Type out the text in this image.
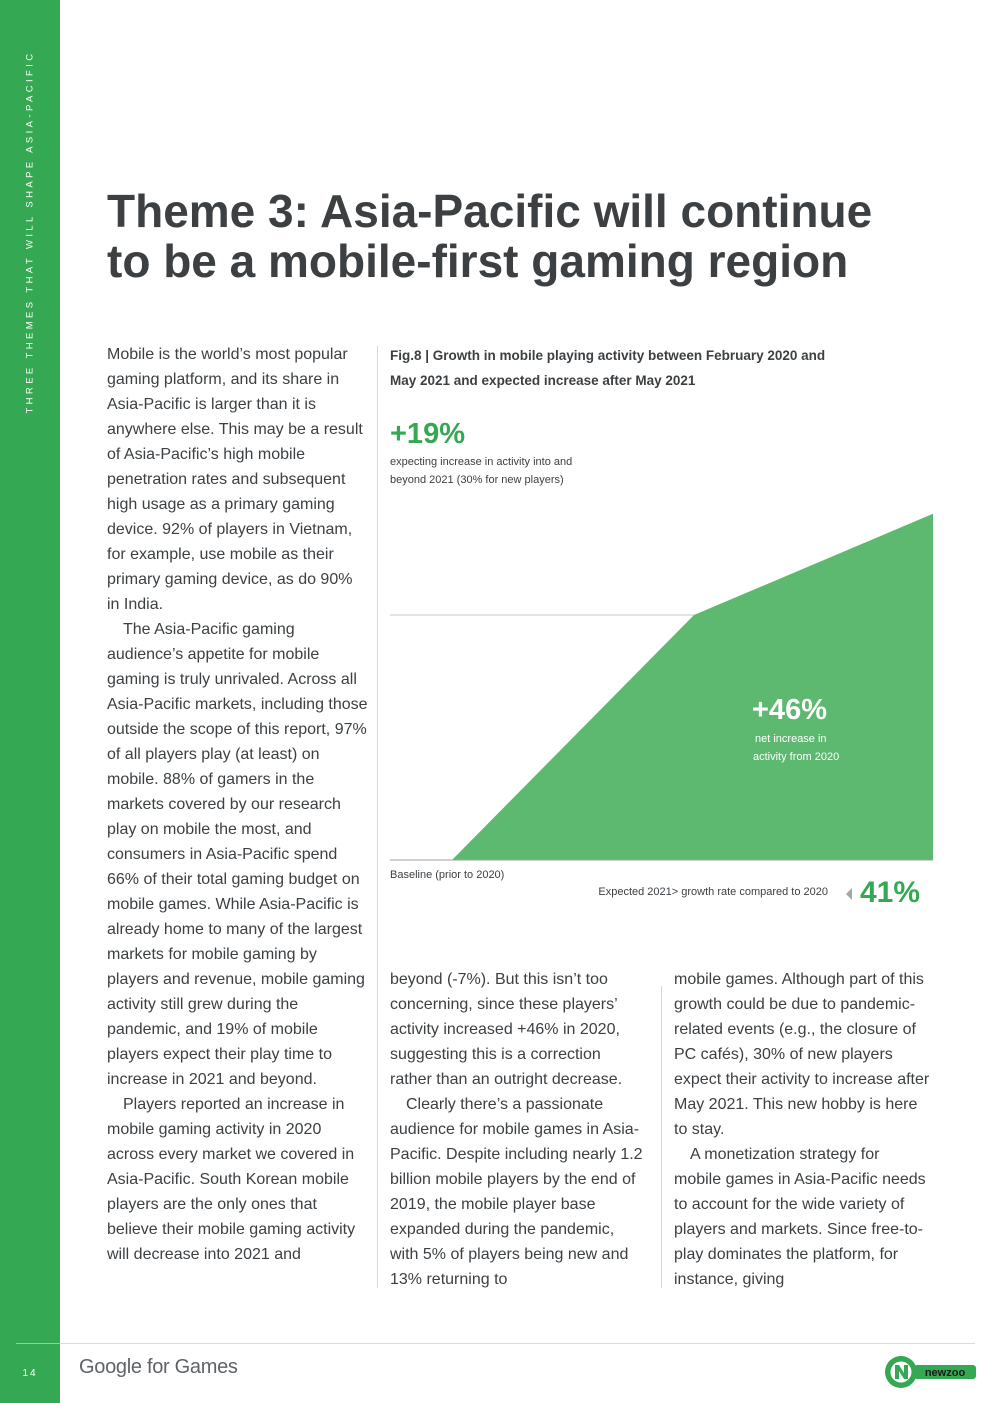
THREE THEMES THAT WILL SHAPE ASIA-PACIFIC
14
Theme 3: Asia-Pacific will continue
to be a mobile-first gaming region

Mobile is the world’s most popular gaming platform, and its share in Asia-Pacific is larger than it is anywhere else. This may be a result of Asia-Pacific’s high mobile penetration rates and subsequent high usage as a primary gaming device. 92% of players in Vietnam, for example, use mobile as their primary gaming device, as do 90% in India.

The Asia-Pacific gaming audience’s appetite for mobile gaming is truly unrivaled. Across all Asia-Pacific markets, including those outside the scope of this report, 97% of all players play (at least) on mobile. 88% of gamers in the markets covered by our research play on mobile the most, and consumers in Asia-Pacific spend 66% of their total gaming budget on mobile games. While Asia-Pacific is already home to many of the largest markets for mobile gaming by players and revenue, mobile gaming activity still grew during the pandemic, and 19% of mobile players expect their play time to increase in 2021 and beyond.

Players reported an increase in mobile gaming activity in 2020 across every market we covered in Asia-Pacific. South Korean mobile players are the only ones that believe their mobile gaming activity will decrease into 2021 and

Fig.8 | Growth in mobile playing activity between February 2020 and
May 2021 and expected increase after May 2021
+19%
expecting increase in activity into and
beyond 2021 (30% for new players)
+46%
net increase in
activity from 2020
Baseline (prior to 2020)
Expected 2021> growth rate compared to 2020 41%

beyond (-7%). But this isn’t too concerning, since these players’ activity increased +46% in 2020, suggesting this is a correction rather than an outright decrease.

Clearly there’s a passionate audience for mobile games in Asia-Pacific. Despite including nearly 1.2 billion mobile players by the end of 2019, the mobile player base expanded during the pandemic, with 5% of players being new and 13% returning to

mobile games. Although part of this growth could be due to pandemic-related events (e.g., the closure of PC cafés), 30% of new players expect their activity to increase after May 2021. This new hobby is here to stay.

A monetization strategy for mobile games in Asia-Pacific needs to account for the wide variety of players and markets. Since free-to-play dominates the platform, for instance, giving

Google for Games	newzoo
